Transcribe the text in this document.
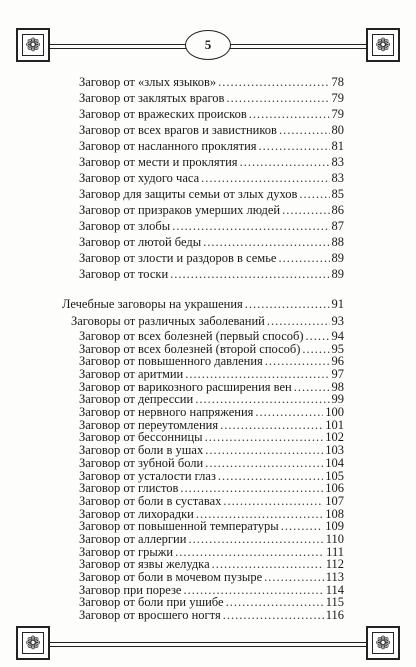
❁
❁
5
Заговор от «злых языков» .....	78
Заговор от заклятых врагов .....	79
Заговор от вражеских происков .....	79
Заговор от всех врагов и завистников .....	80
Заговор от насланного проклятия .....	81
Заговор от мести и проклятия .....	83
Заговор от худого часа .....	83
Заговор для защиты семьи от злых духов .....	85
Заговор от призраков умерших людей .....	86
Заговор от злобы .....	87
Заговор от лютой беды .....	88
Заговор от злости и раздоров в семье .....	89
Заговор от тоски .....	89
Лечебные заговоры на украшения .....	91
Заговоры от различных заболеваний .....	93
Заговор от всех болезней (первый способ) ..... 94
Заговор от всех болезней (второй способ) ..... 95
Заговор от повышенного давления .....	96
Заговор от аритмии .....	97
Заговор от варикозного расширения вен .....	98
Заговор от депрессии .....	99
Заговор от нервного напряжения .....	100
Заговор от переутомления .....	101
Заговор от бессонницы .....	102
Заговор от боли в ушах .....	103
Заговор от зубной боли .....	104
Заговор от усталости глаз .....	105
Заговор от глистов .....	106
Заговор от боли в суставах .....	107
Заговор от лихорадки .....	108
Заговор от повышенной температуры .....	109
Заговор от аллергии .....	110
Заговор от грыжи .....	111
Заговор от язвы желудка .....	112
Заговор от боли в мочевом пузыре .....	113
Заговор при порезе .....	114
Заговор от боли при ушибе .....	115
Заговор от вросшего ногтя .....	116
❁
❁
